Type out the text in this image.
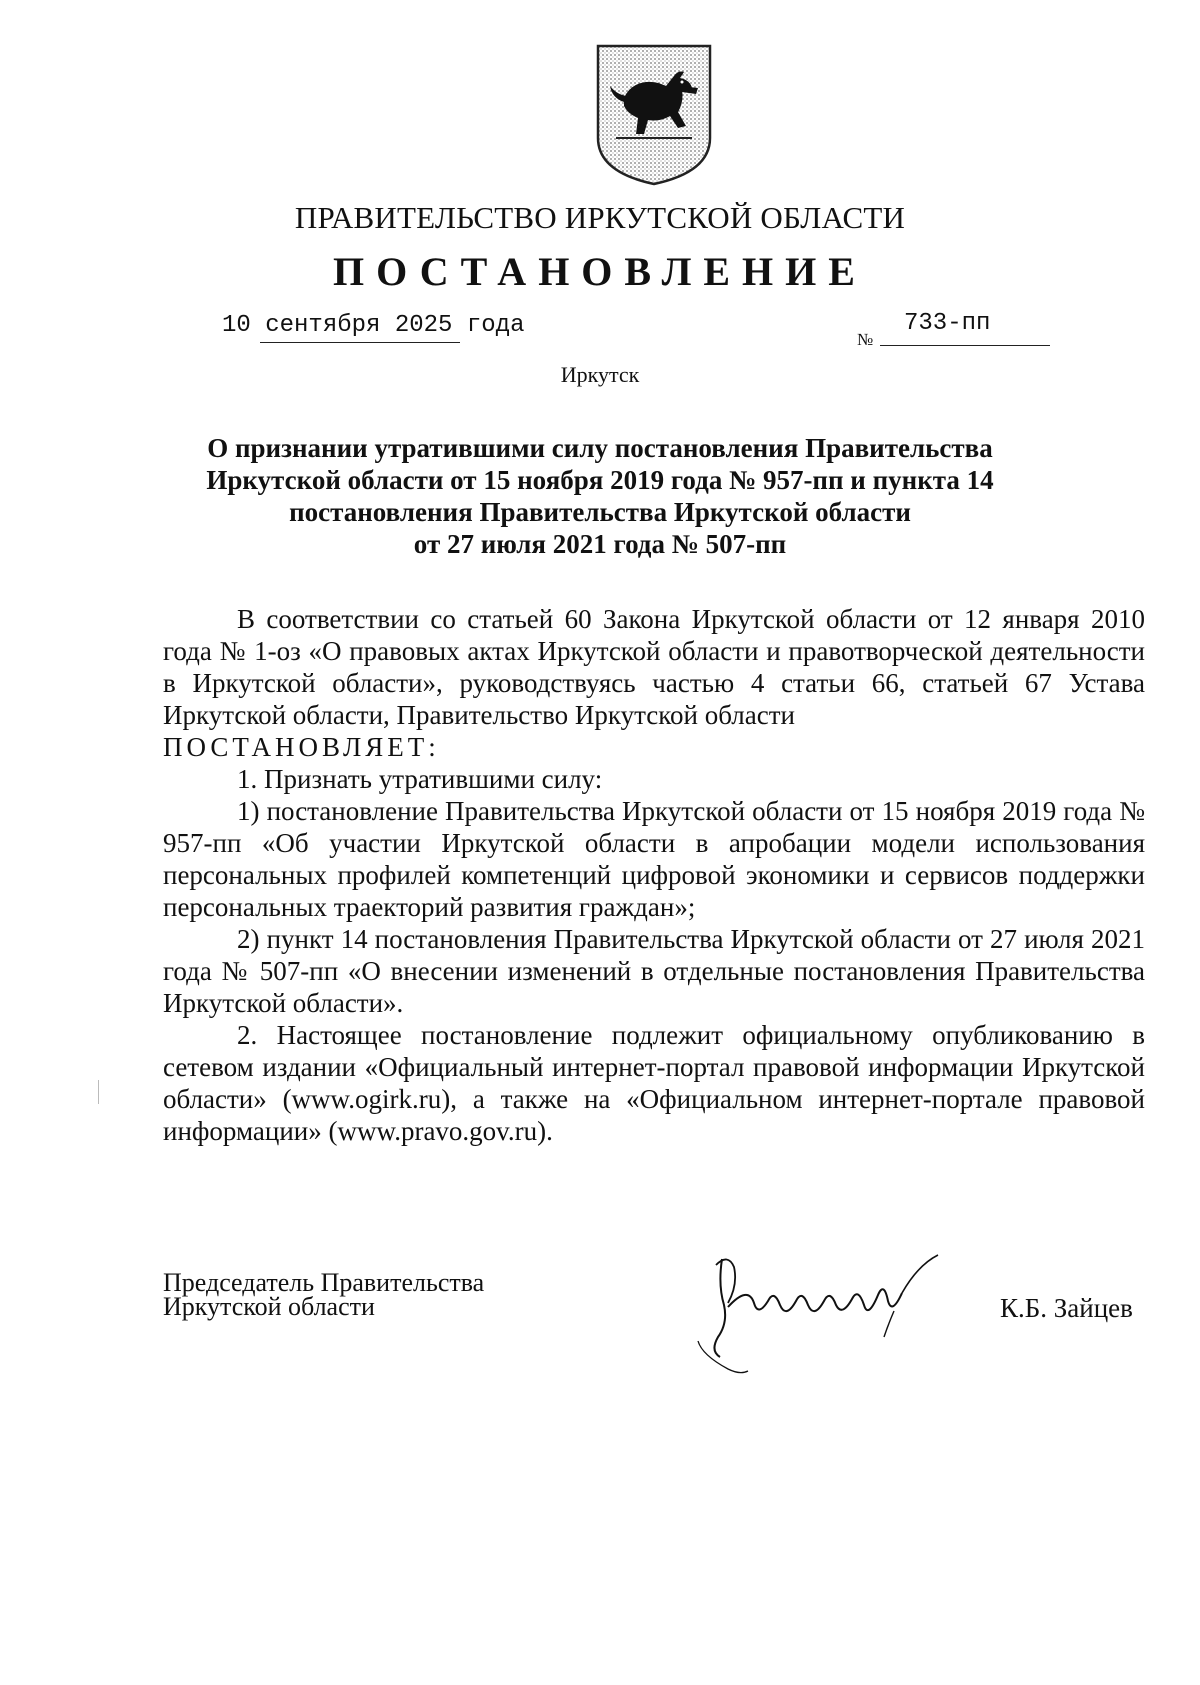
ПРАВИТЕЛЬСТВО ИРКУТСКОЙ ОБЛАСТИ
ПОСТАНОВЛЕНИЕ
10 сентября 2025 года
№
733-пп
Иркутск
О признании утратившими силу постановления Правительства
Иркутской области от 15 ноября 2019 года № 957-пп и пункта 14
постановления Правительства Иркутской области
от 27 июля 2021 года № 507-пп

В соответствии со статьей 60 Закона Иркутской области от 12 января 2010 года № 1-оз «О правовых актах Иркутской области и правотворческой деятельности в Иркутской области», руководствуясь частью 4 статьи 66, статьей 67 Устава Иркутской области, Правительство Иркутской области

ПОСТАНОВЛЯЕТ:

1. Признать утратившими силу:

1) постановление Правительства Иркутской области от 15 ноября 2019 года № 957-пп «Об участии Иркутской области в апробации модели использования персональных профилей компетенций цифровой экономики и сервисов поддержки персональных траекторий развития граждан»;

2) пункт 14 постановления Правительства Иркутской области от 27 июля 2021 года № 507-пп «О внесении изменений в отдельные постановления Правительства Иркутской области».

2. Настоящее постановление подлежит официальному опубликованию в сетевом издании «Официальный интернет-портал правовой информации Иркутской области» (www.ogirk.ru), а также на «Официальном интернет-портале правовой информации» (www.pravo.gov.ru).

Председатель Правительства
Иркутской области	К.Б. Зайцев
